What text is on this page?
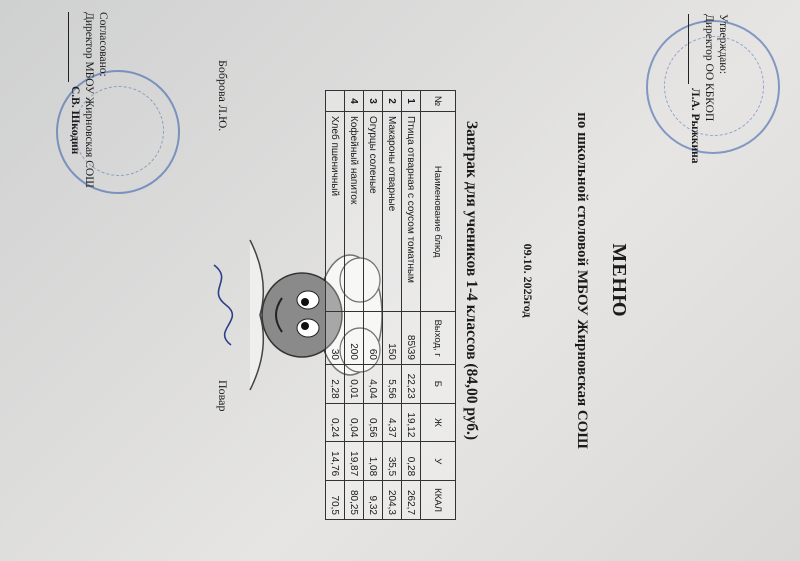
Утверждаю:
Директор ОО КБКОП
Л.А. Рыжкина
Согласовано:
Директор МБОУ Жирновская СОШ
С.В. Шкодин
МЕНЮ
по школьной столовой МБОУ Жирновская СОШ
09.10. 2025год
Завтрак для учеников 1-4 классов (84,00 руб.)
№	Наименование блюд	Выход, г	Б	Ж	У	ККАЛ
1	Птица отварная с соусом томатным	85\39	22,23	19,12	0,28	262,7
2	Макароны отварные	150	5,56	4,37	35,5	204,3
3	Огурцы соленые	60	4,04	0,56	1,08	9,32
4	Кофейный напиток	200	0,01	0,04	19,87	80,25
	Хлеб пшеничный	30	2,28	0,24	14,76	70,5
Повар
Боброва Л.Ю.
